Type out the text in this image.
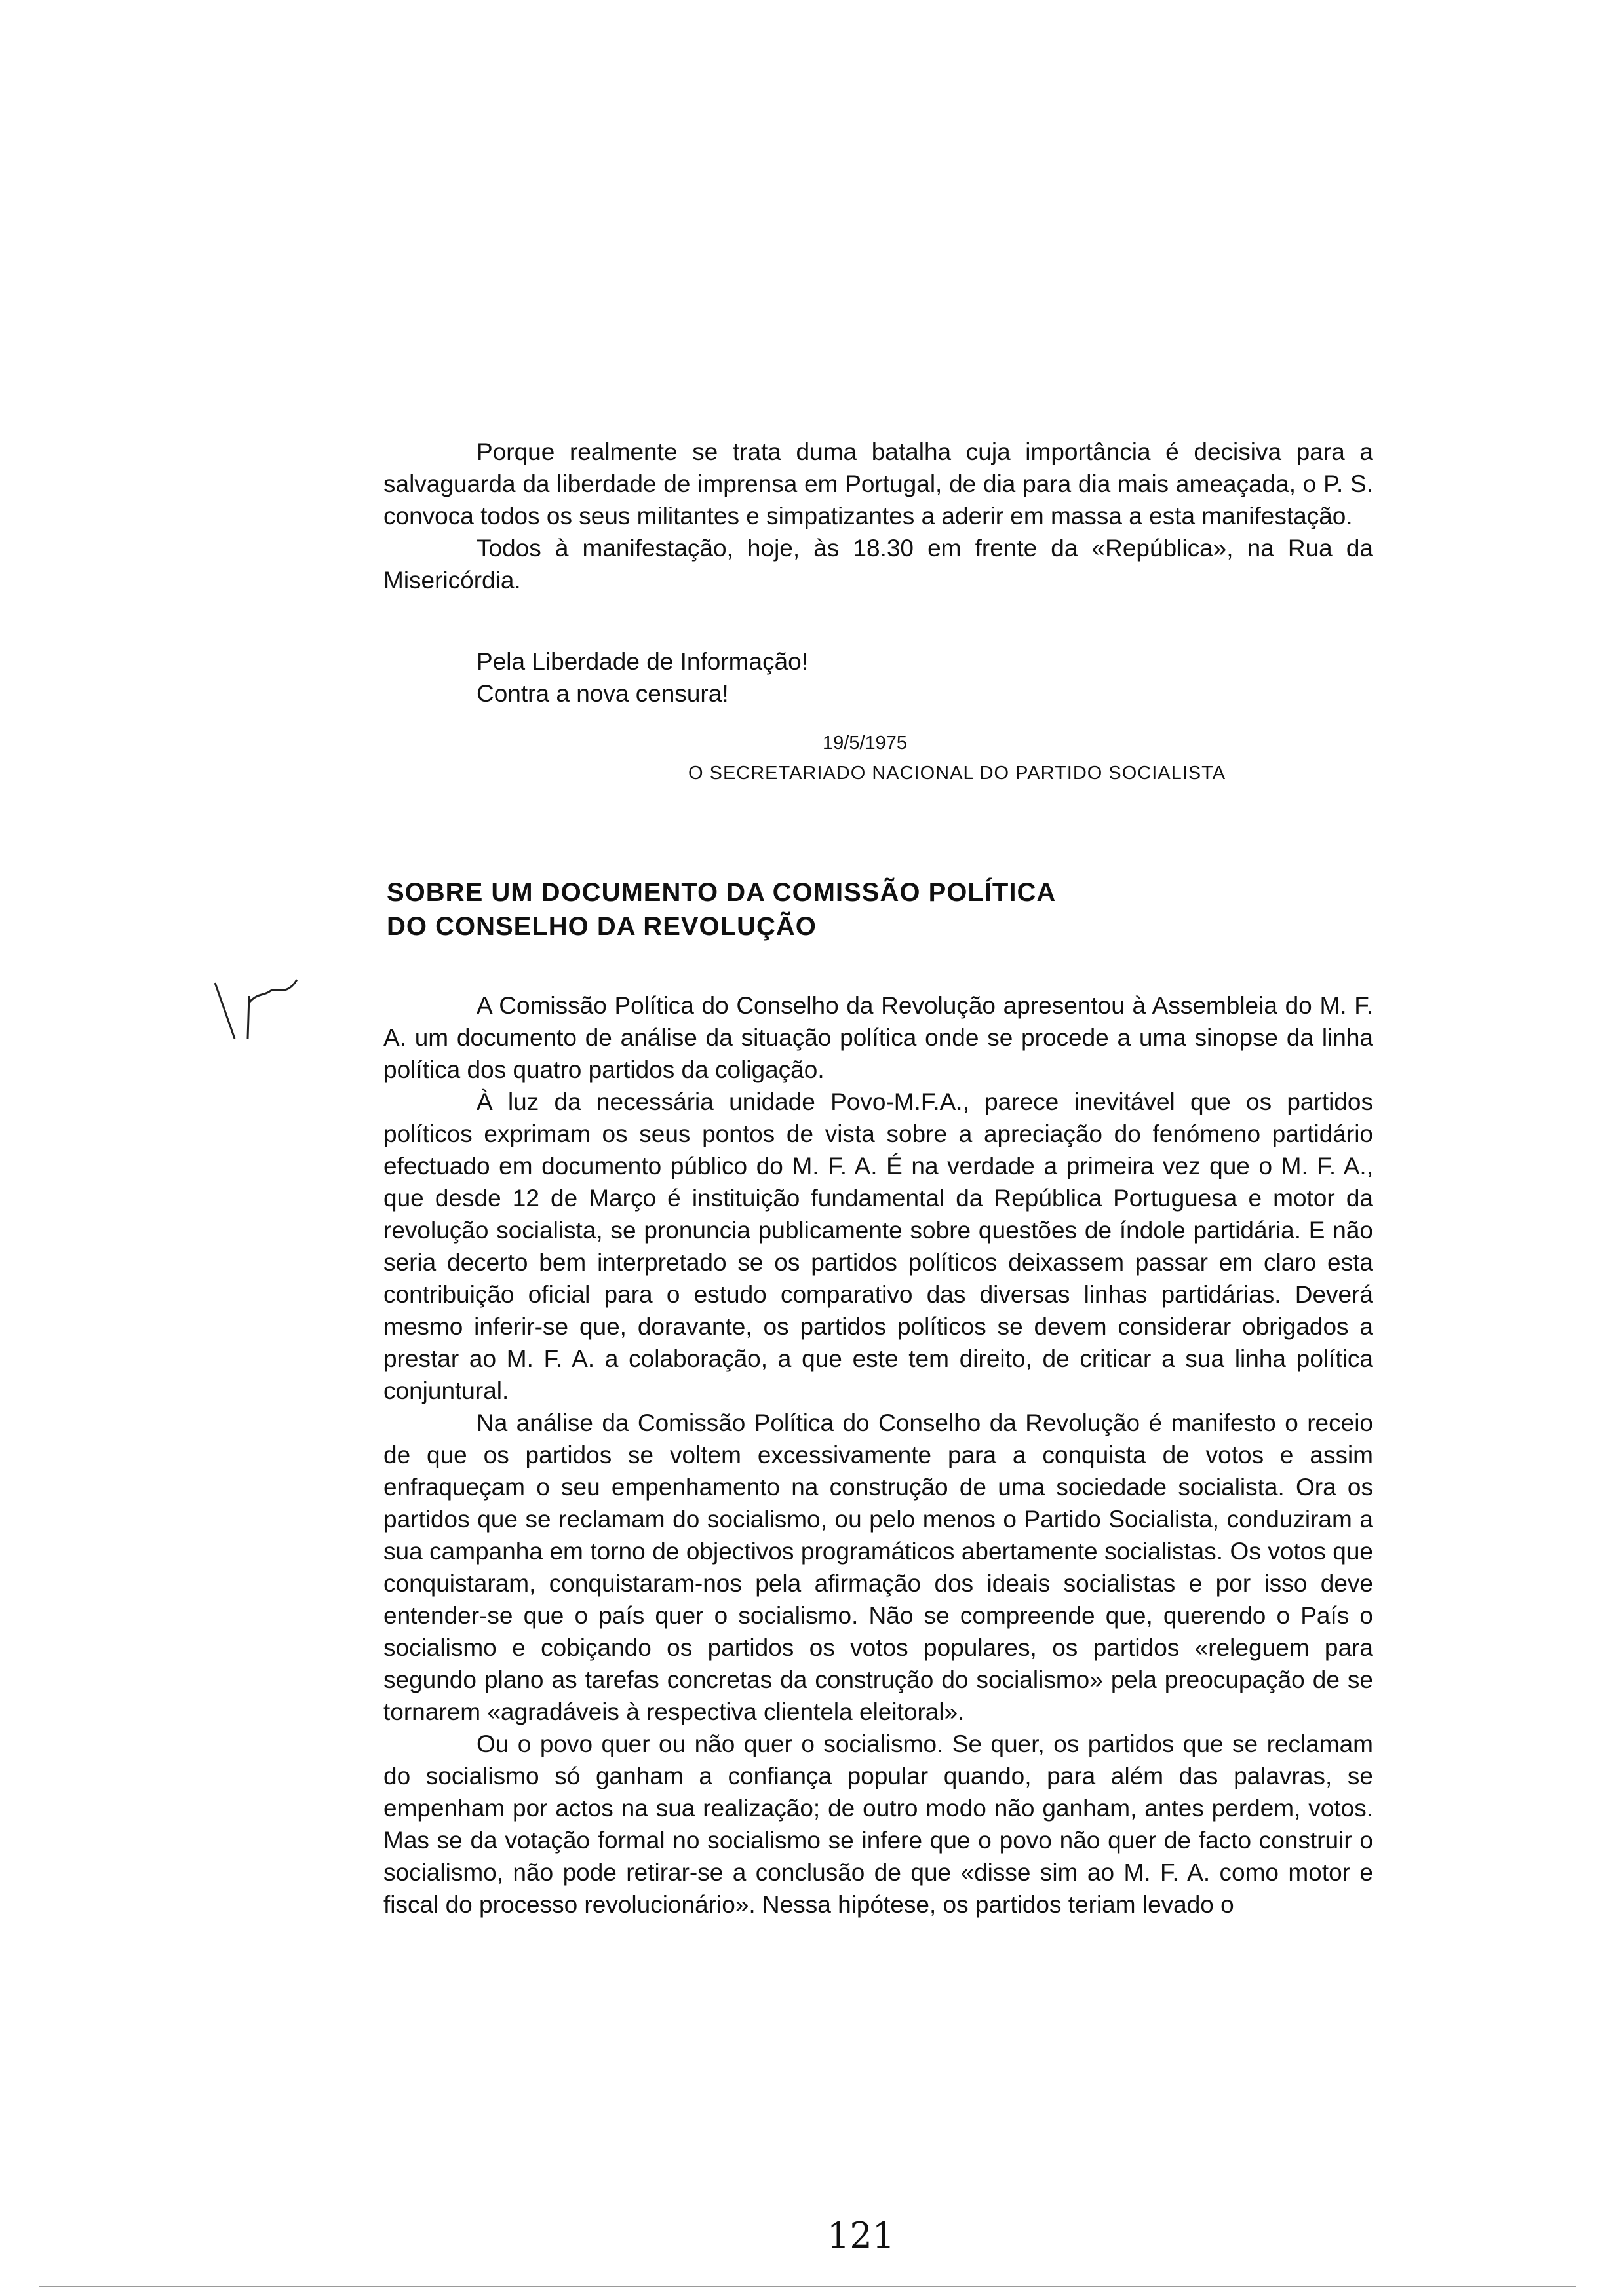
Porque realmente se trata duma batalha cuja importância é decisiva para a salvaguarda da liberdade de imprensa em Portugal, de dia para dia mais ameaçada, o P. S. convoca todos os seus militantes e simpatizantes a aderir em massa a esta manifestação.

Todos à manifestação, hoje, às 18.30 em frente da «República», na Rua da Misericórdia.

Pela Liberdade de Informação!
Contra a nova censura!
19/5/1975
O SECRETARIADO NACIONAL DO PARTIDO SOCIALISTA
SOBRE UM DOCUMENTO DA COMISSÃO POLÍTICA
DO CONSELHO DA REVOLUÇÃO

A Comissão Política do Conselho da Revolução apresentou à Assembleia do M. F. A. um documento de análise da situação política onde se procede a uma sinopse da linha política dos quatro partidos da coligação.

À luz da necessária unidade Povo-M.F.A., parece inevitável que os partidos políticos exprimam os seus pontos de vista sobre a apreciação do fenómeno partidário efectuado em documento público do M. F. A. É na verdade a primeira vez que o M. F. A., que desde 12 de Março é instituição fundamental da República Portuguesa e motor da revolução socialista, se pronuncia publicamente sobre questões de índole partidária. E não seria decerto bem interpretado se os partidos políticos deixassem passar em claro esta contribuição oficial para o estudo comparativo das diversas linhas partidárias. Deverá mesmo inferir-se que, doravante, os partidos políticos se devem considerar obrigados a prestar ao M. F. A. a colaboração, a que este tem direito, de criticar a sua linha política conjuntural.

Na análise da Comissão Política do Conselho da Revolução é manifesto o receio de que os partidos se voltem excessivamente para a conquista de votos e assim enfraqueçam o seu empenhamento na construção de uma sociedade socialista. Ora os partidos que se reclamam do socialismo, ou pelo menos o Partido Socialista, conduziram a sua campanha em torno de objectivos programáticos abertamente socialistas. Os votos que conquistaram, conquistaram-nos pela afirmação dos ideais socialistas e por isso deve entender-se que o país quer o socialismo. Não se compreende que, querendo o País o socialismo e cobiçando os partidos os votos populares, os partidos «releguem para segundo plano as tarefas concretas da construção do socialismo» pela preocupação de se tornarem «agradáveis à respectiva clientela eleitoral».

Ou o povo quer ou não quer o socialismo. Se quer, os partidos que se reclamam do socialismo só ganham a confiança popular quando, para além das palavras, se empenham por actos na sua realização; de outro modo não ganham, antes perdem, votos. Mas se da votação formal no socialismo se infere que o povo não quer de facto construir o socialismo, não pode retirar-se a conclusão de que «disse sim ao M. F. A. como motor e fiscal do processo revolucionário». Nessa hipótese, os partidos teriam levado o

121
